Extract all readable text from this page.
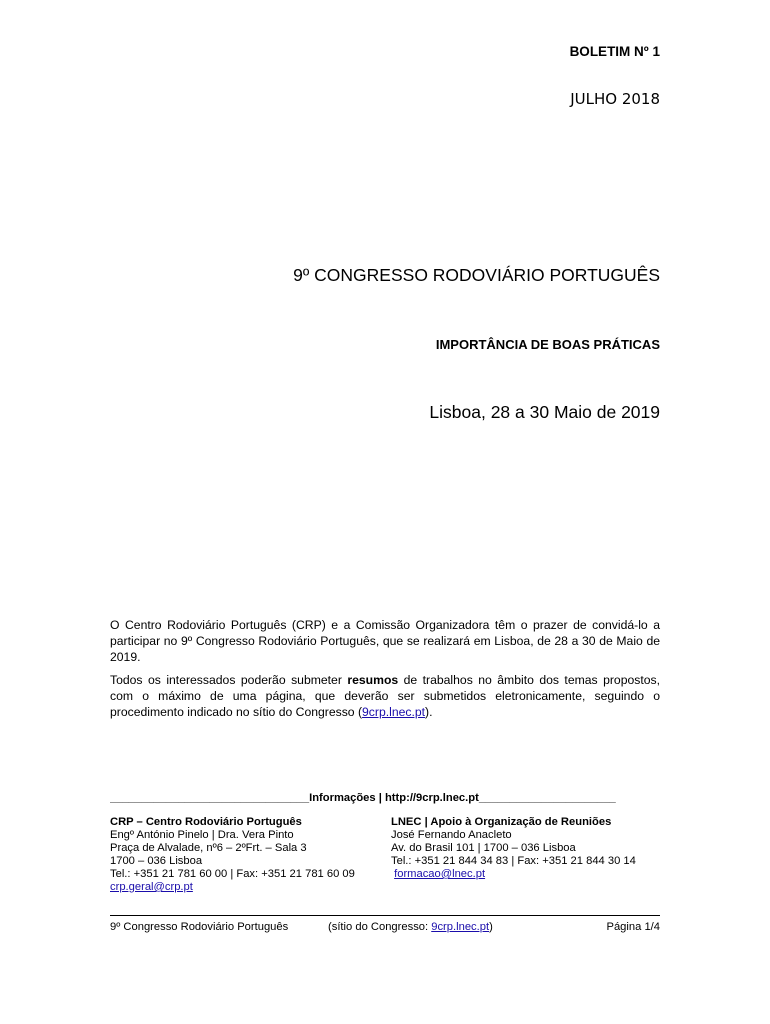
BOLETIM Nº 1
JULHO 2018
9º CONGRESSO RODOVIÁRIO PORTUGUÊS
IMPORTÂNCIA DE BOAS PRÁTICAS
Lisboa, 28 a 30 Maio de 2019
O Centro Rodoviário Português (CRP) e a Comissão Organizadora têm o prazer de convidá-lo a participar no 9º Congresso Rodoviário Português, que se realizará em Lisboa, de 28 a 30 de Maio de 2019.
Todos os interessados poderão submeter resumos de trabalhos no âmbito dos temas propostos, com o máximo de uma página, que deverão ser submetidos eletronicamente, seguindo o procedimento indicado no sítio do Congresso (9crp.lnec.pt).
________________________________Informações | http://9crp.lnec.pt______________________
CRP – Centro Rodoviário Português
Engº António Pinelo | Dra. Vera Pinto
Praça de Alvalade, nº6 – 2ºFrt. – Sala 3
1700 – 036 Lisboa
Tel.: +351 21 781 60 00 | Fax: +351 21 781 60 09
crp.geral@crp.pt
LNEC | Apoio à Organização de Reuniões
José Fernando Anacleto
Av. do Brasil 101 | 1700 – 036 Lisboa
Tel.: +351 21 844 34 83 | Fax: +351 21 844 30 14
formacao@lnec.pt
9º Congresso Rodoviário Português	(sítio do Congresso: 9crp.lnec.pt)	Página 1/4
